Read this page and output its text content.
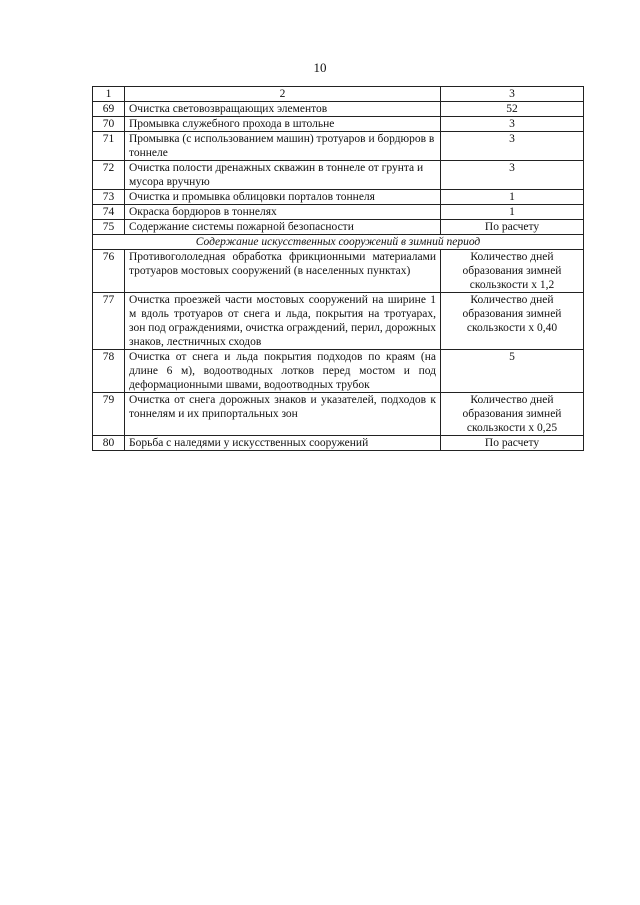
10
1	2	3
69	Очистка световозвращающих элементов	52
70	Промывка служебного прохода в штольне	3
71	Промывка (с использованием машин) тротуаров и бордюров в тоннеле	3
72	Очистка полости дренажных скважин в тоннеле от грунта и мусора вручную	3
73	Очистка и промывка облицовки порталов тоннеля	1
74	Окраска бордюров в тоннелях	1
75	Содержание системы пожарной безопасности	По расчету
Содержание искусственных сооружений в зимний период		
76	Противогололедная обработка фрикционными материалами тротуаров мостовых сооружений (в населенных пунктах)	Количество дней образования зимней скользкости х 1,2
77	Очистка проезжей части мостовых сооружений на ширине 1 м вдоль тротуаров от снега и льда, покрытия на тротуарах, зон под ограждениями, очистка ограждений, перил, дорожных знаков, лестничных сходов	Количество дней образования зимней скользкости х 0,40
78	Очистка от снега и льда покрытия подходов по краям (на длине 6 м), водоотводных лотков перед мостом и под деформационными швами, водоотводных трубок	5
79	Очистка от снега дорожных знаков и указателей, подходов к тоннелям и их припортальных зон	Количество дней образования зимней скользкости х 0,25
80	Борьба с наледями у искусственных сооружений	По расчету
